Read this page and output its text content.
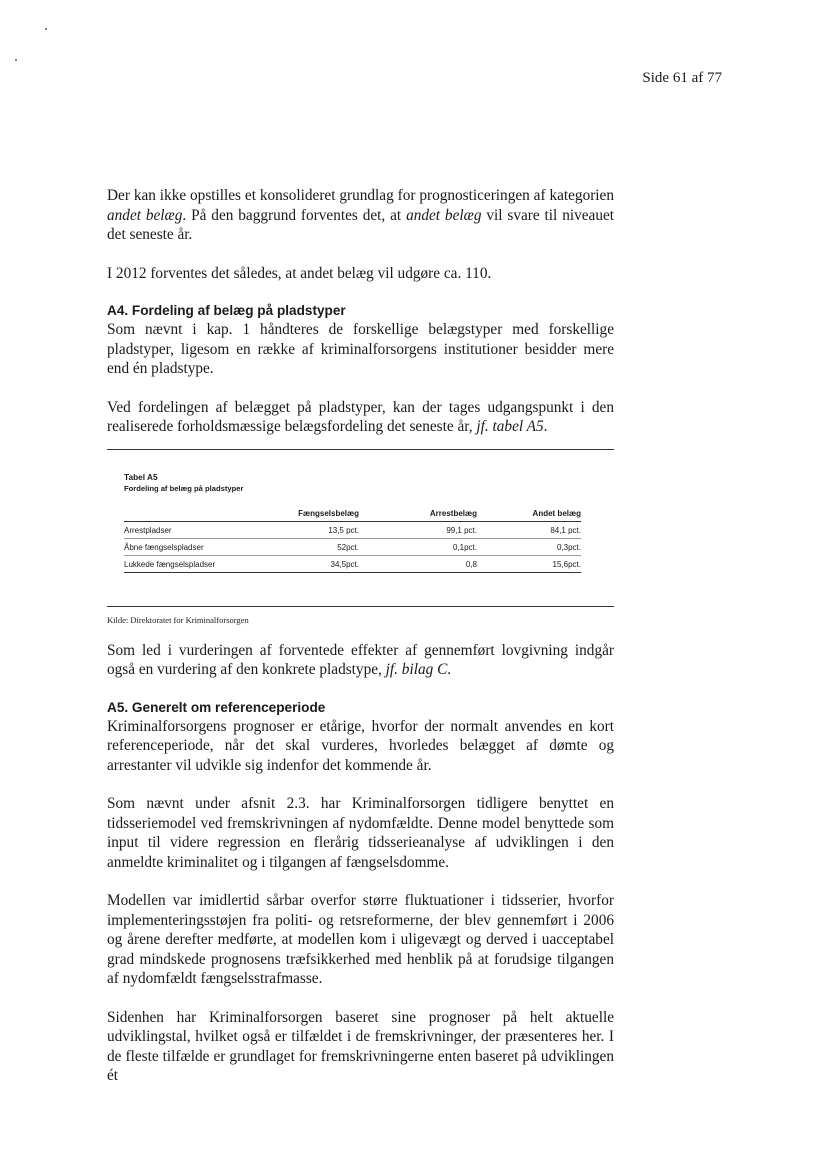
Side 61 af 77

Der kan ikke opstilles et konsolideret grundlag for prognosticeringen af kategorien andet belæg. På den baggrund forventes det, at andet belæg vil svare til niveauet det seneste år.

I 2012 forventes det således, at andet belæg vil udgøre ca. 110.

A4. Fordeling af belæg på pladstyper

Som nævnt i kap. 1 håndteres de forskellige belægstyper med forskellige pladstyper, ligesom en række af kriminalforsorgens institutioner besidder mere end én pladstype.

Ved fordelingen af belægget på pladstyper, kan der tages udgangspunkt i den realiserede forholdsmæssige belægsfordeling det seneste år, jf. tabel A5.

Tabel A5
Fordeling af belæg på pladstyper
	Fængselsbelæg	Arrestbelæg	Andet belæg
Arrestpladser	13,5 pct.	99,1 pct.	84,1 pct.
Åbne fængselspladser	52pct.	0,1pct.	0,3pct.
Lukkede fængselspladser	34,5pct.	0,8	15,6pct.
Kilde: Direktoratet for Kriminalforsorgen

Som led i vurderingen af forventede effekter af gennemført lovgivning indgår også en vurdering af den konkrete pladstype, jf. bilag C.

A5. Generelt om referenceperiode

Kriminalforsorgens prognoser er etårige, hvorfor der normalt anvendes en kort referenceperiode, når det skal vurderes, hvorledes belægget af dømte og arrestanter vil udvikle sig indenfor det kommende år.

Som nævnt under afsnit 2.3. har Kriminalforsorgen tidligere benyttet en tidsseriemodel ved fremskrivningen af nydomfældte. Denne model benyttede som input til videre regression en flerårig tidsserieanalyse af udviklingen i den anmeldte kriminalitet og i tilgangen af fængselsdomme.

Modellen var imidlertid sårbar overfor større fluktuationer i tidsserier, hvorfor implementeringsstøjen fra politi- og retsreformerne, der blev gennemført i 2006 og årene derefter medførte, at modellen kom i uligevægt og derved i uacceptabel grad mindskede prognosens træfsikkerhed med henblik på at forudsige tilgangen af nydomfældt fængselsstrafmasse.

Sidenhen har Kriminalforsorgen baseret sine prognoser på helt aktuelle udviklingstal, hvilket også er tilfældet i de fremskrivninger, der præsenteres her. I de fleste tilfælde er grundlaget for fremskrivningerne enten baseret på udviklingen ét
